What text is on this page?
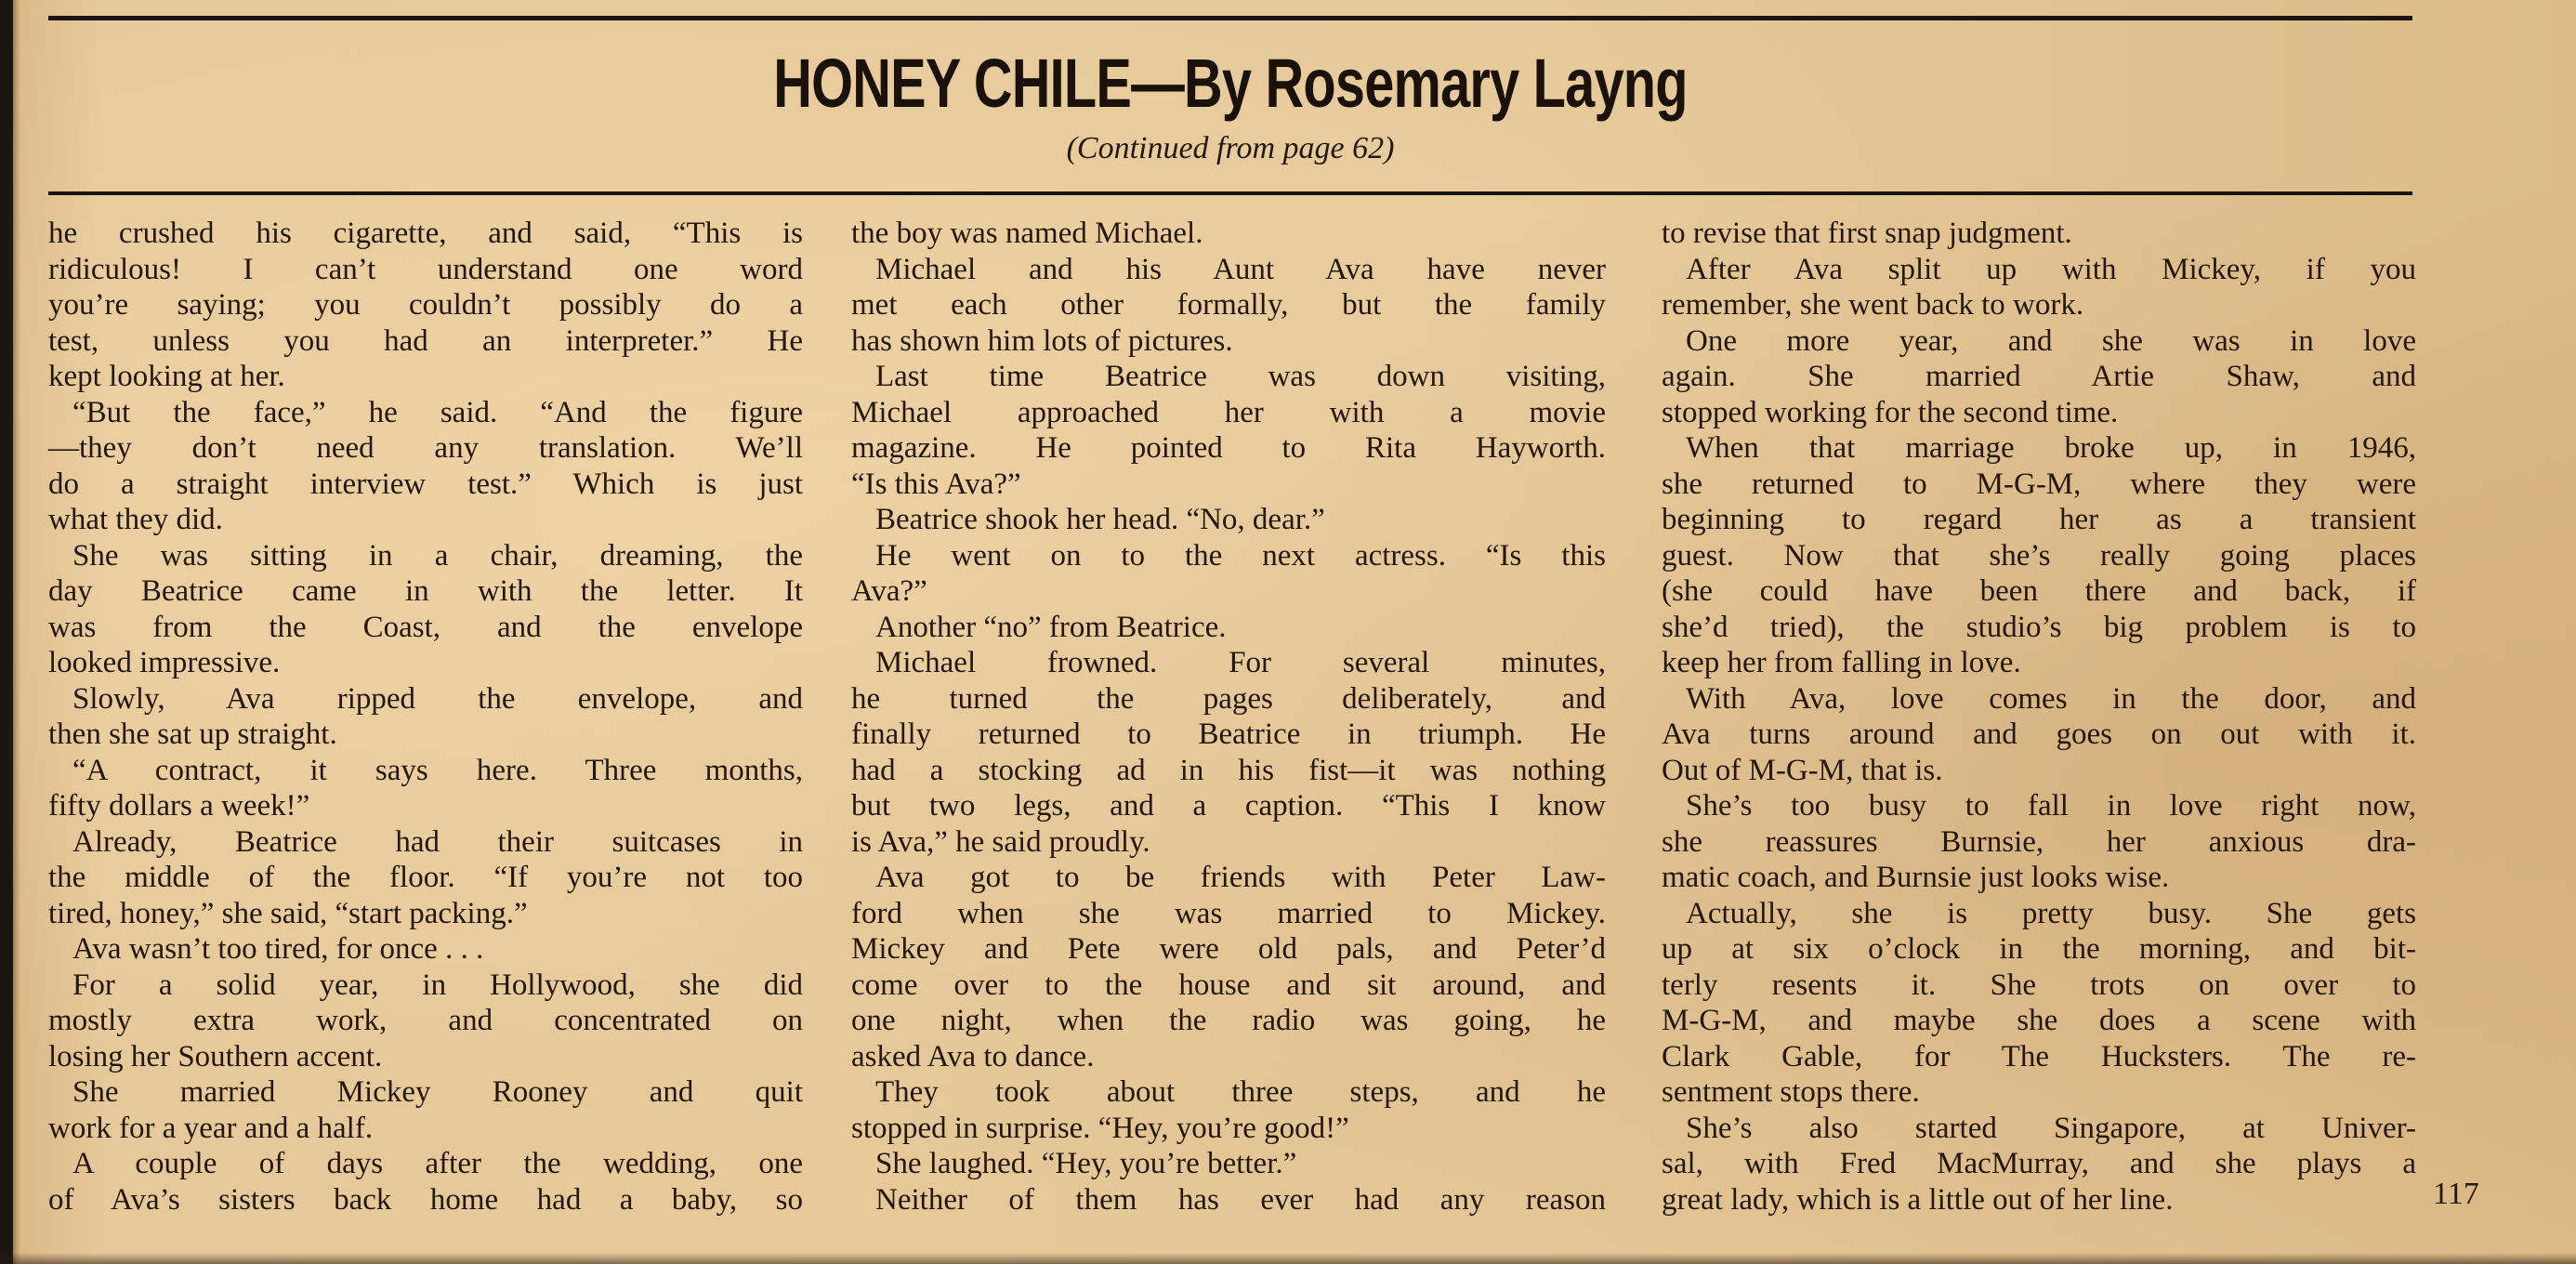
HONEY CHILE—By Rosemary Layng
(Continued from page 62)
he crushed his cigarette, and said, “This is
ridiculous! I can’t understand one word
you’re saying; you couldn’t possibly do a
test, unless you had an interpreter.” He
kept looking at her.
“But the face,” he said. “And the figure
—they don’t need any translation. We’ll
do a straight interview test.” Which is just
what they did.
She was sitting in a chair, dreaming, the
day Beatrice came in with the letter. It
was from the Coast, and the envelope
looked impressive.
Slowly, Ava ripped the envelope, and
then she sat up straight.
“A contract, it says here. Three months,
fifty dollars a week!”
Already, Beatrice had their suitcases in
the middle of the floor. “If you’re not too
tired, honey,” she said, “start packing.”
Ava wasn’t too tired, for once . . .
For a solid year, in Hollywood, she did
mostly extra work, and concentrated on
losing her Southern accent.
She married Mickey Rooney and quit
work for a year and a half.
A couple of days after the wedding, one
of Ava’s sisters back home had a baby, so
the boy was named Michael.
Michael and his Aunt Ava have never
met each other formally, but the family
has shown him lots of pictures.
Last time Beatrice was down visiting,
Michael approached her with a movie
magazine. He pointed to Rita Hayworth.
“Is this Ava?”
Beatrice shook her head. “No, dear.”
He went on to the next actress. “Is this
Ava?”
Another “no” from Beatrice.
Michael frowned. For several minutes,
he turned the pages deliberately, and
finally returned to Beatrice in triumph. He
had a stocking ad in his fist—it was nothing
but two legs, and a caption. “This I know
is Ava,” he said proudly.
Ava got to be friends with Peter Law-
ford when she was married to Mickey.
Mickey and Pete were old pals, and Peter’d
come over to the house and sit around, and
one night, when the radio was going, he
asked Ava to dance.
They took about three steps, and he
stopped in surprise. “Hey, you’re good!”
She laughed. “Hey, you’re better.”
Neither of them has ever had any reason
to revise that first snap judgment.
After Ava split up with Mickey, if you
remember, she went back to work.
One more year, and she was in love
again. She married Artie Shaw, and
stopped working for the second time.
When that marriage broke up, in 1946,
she returned to M-G-M, where they were
beginning to regard her as a transient
guest. Now that she’s really going places
(she could have been there and back, if
she’d tried), the studio’s big problem is to
keep her from falling in love.
With Ava, love comes in the door, and
Ava turns around and goes on out with it.
Out of M-G-M, that is.
She’s too busy to fall in love right now,
she reassures Burnsie, her anxious dra-
matic coach, and Burnsie just looks wise.
Actually, she is pretty busy. She gets
up at six o’clock in the morning, and bit-
terly resents it. She trots on over to
M-G-M, and maybe she does a scene with
Clark Gable, for The Hucksters. The re-
sentment stops there.
She’s also started Singapore, at Univer-
sal, with Fred MacMurray, and she plays a
great lady, which is a little out of her line.	117
